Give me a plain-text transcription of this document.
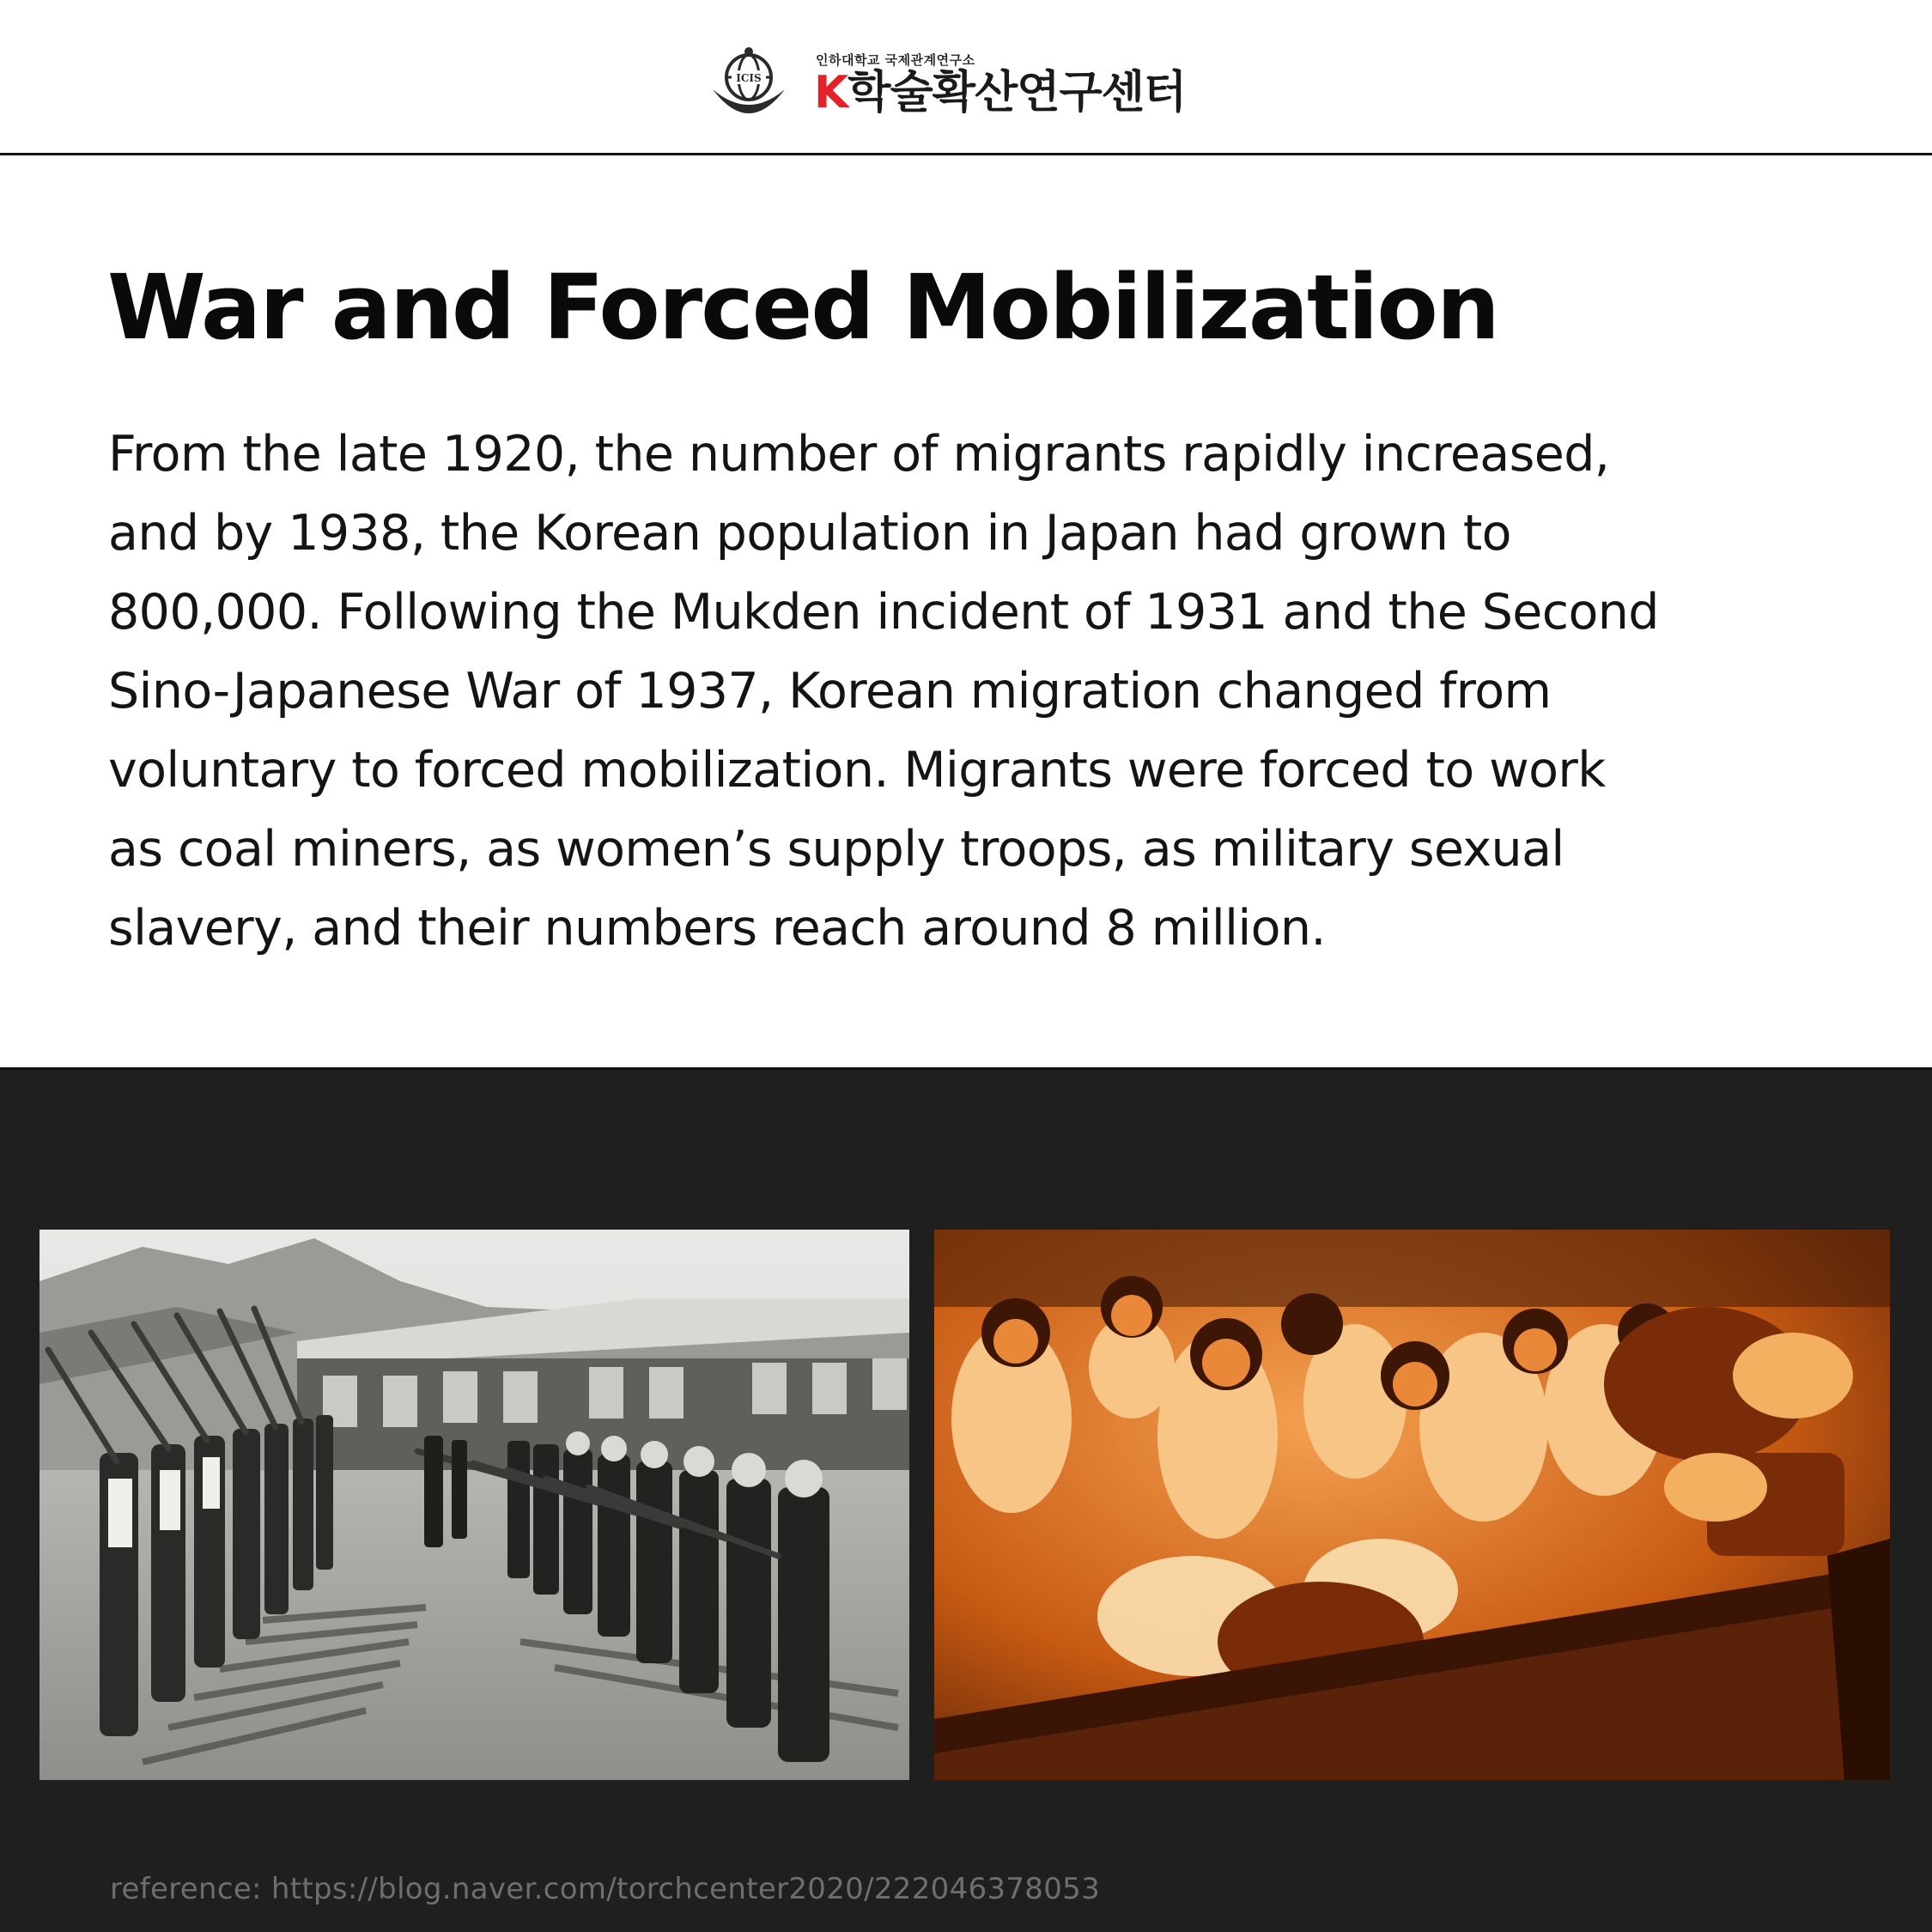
ICIS
인하대학교 국제관계연구소
K학술확산연구센터
War and Forced Mobilization

From the late 1920, the number of migrants rapidly increased,
and by 1938, the Korean population in Japan had grown to
800,000. Following the Mukden incident of 1931 and the Second
Sino-Japanese War of 1937, Korean migration changed from
voluntary to forced mobilization. Migrants were forced to work
as coal miners, as women’s supply troops, as military sexual
slavery, and their numbers reach around 8 million.

reference: https://blog.naver.com/torchcenter2020/222046378053
